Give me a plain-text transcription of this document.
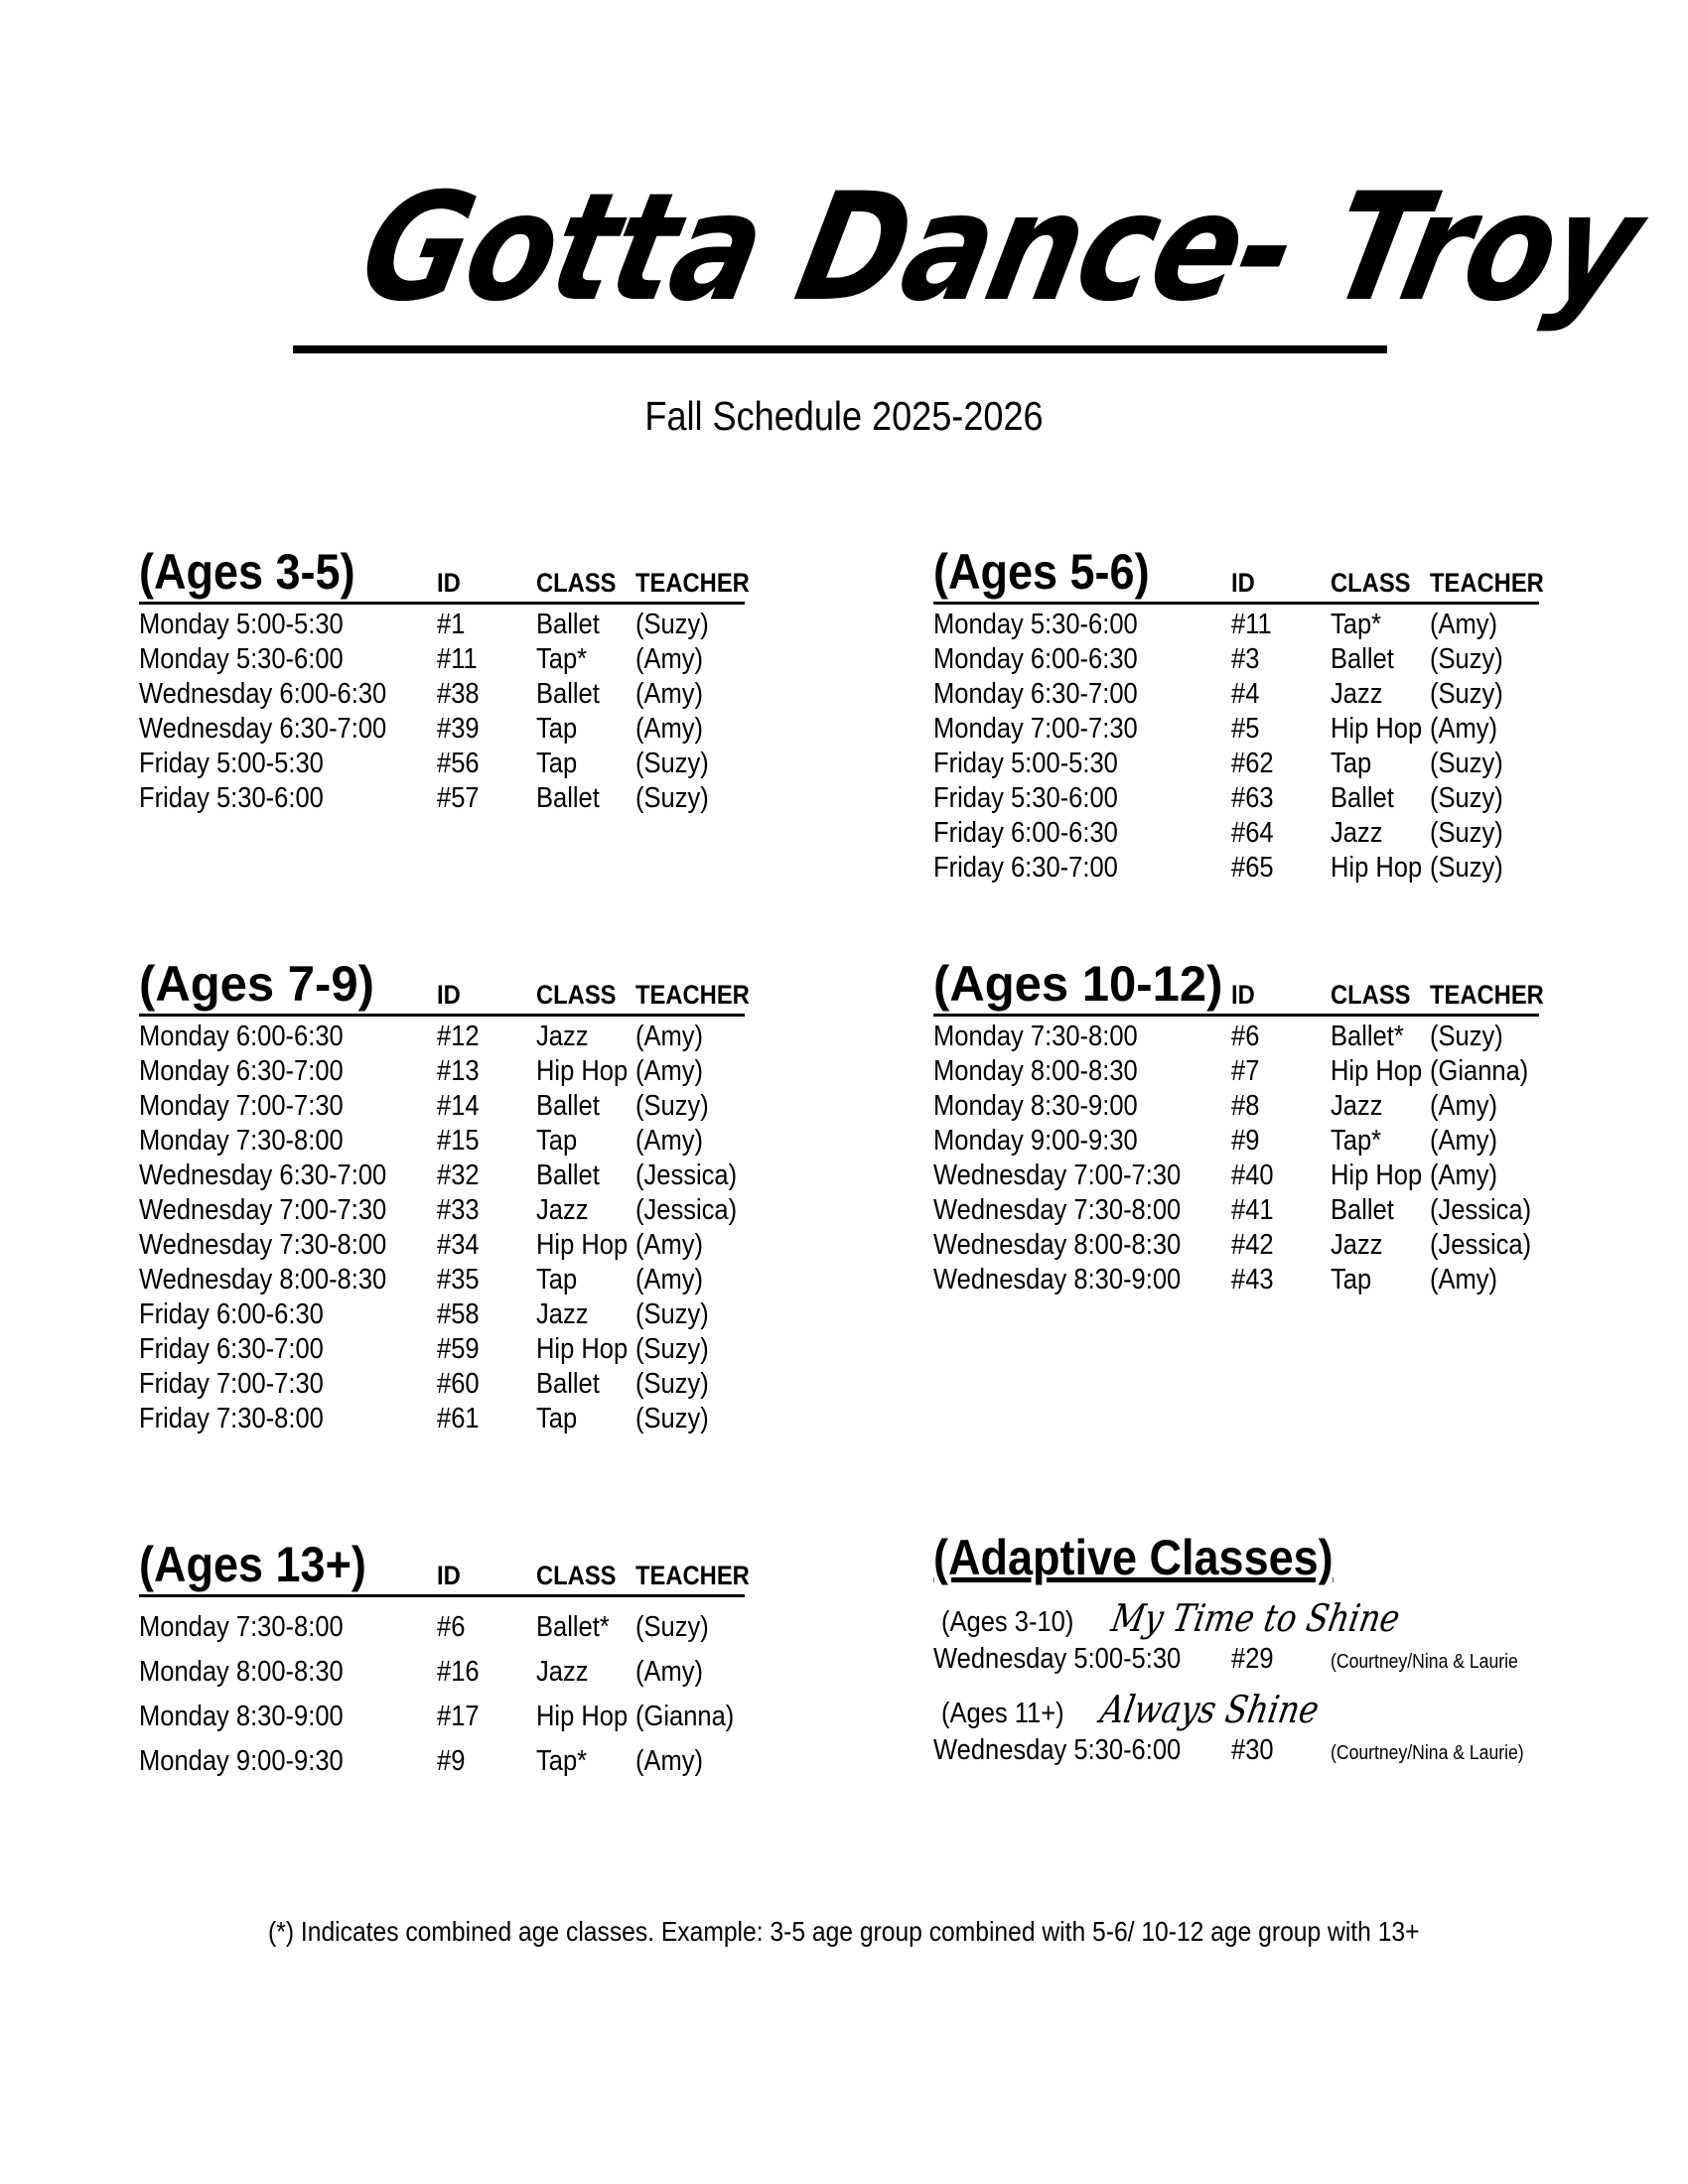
Gotta Dance- Troy
Fall Schedule 2025-2026
(Ages 3-5)	ID	CLASS TEACHER
Monday 5:00-5:30	#1 Ballet (Suzy)
Monday 5:30-6:00	#11 Tap* (Amy)
Wednesday 6:00-6:30 #38 Ballet (Amy)
Wednesday 6:30-7:00 #39 Tap (Amy)
Friday 5:00-5:30	#56 Tap (Suzy)
Friday 5:30-6:00	#57 Ballet (Suzy)
(Ages 5-6)	ID	CLASS TEACHER
Monday 5:30-6:00	#11 Tap* (Amy)
Monday 6:00-6:30	#3 Ballet (Suzy)
Monday 6:30-7:00	#4 Jazz (Suzy)
Monday 7:00-7:30	#5 Hip Hop (Amy)
Friday 5:00-5:30	#62 Tap (Suzy)
Friday 5:30-6:00	#63 Ballet (Suzy)
Friday 6:00-6:30	#64 Jazz (Suzy)
Friday 6:30-7:00	#65 Hip Hop (Suzy)
(Ages 7-9) ID	CLASS TEACHER
Monday 6:00-6:30	#12 Jazz (Amy)
Monday 6:30-7:00	#13 Hip Hop (Amy)
Monday 7:00-7:30	#14 Ballet (Suzy)
Monday 7:30-8:00	#15 Tap (Amy)
Wednesday 6:30-7:00 #32 Ballet (Jessica)
Wednesday 7:00-7:30 #33 Jazz (Jessica)
Wednesday 7:30-8:00 #34 Hip Hop (Amy)
Wednesday 8:00-8:30 #35 Tap (Amy)
Friday 6:00-6:30	#58 Jazz (Suzy)
Friday 6:30-7:00	#59 Hip Hop (Suzy)
Friday 7:00-7:30	#60 Ballet (Suzy)
Friday 7:30-8:00	#61 Tap (Suzy)
(Ages 10-12) ID	CLASS TEACHER
Monday 7:30-8:00	#6 Ballet* (Suzy)
Monday 8:00-8:30	#7 Hip Hop (Gianna)
Monday 8:30-9:00	#8 Jazz (Amy)
Monday 9:00-9:30	#9 Tap* (Amy)
Wednesday 7:00-7:30 #40 Hip Hop (Amy)
Wednesday 7:30-8:00 #41 Ballet (Jessica)
Wednesday 8:00-8:30 #42 Jazz (Jessica)
Wednesday 8:30-9:00 #43 Tap (Amy)
(Ages 13+)	ID	CLASS TEACHER
Monday 7:30-8:00	#6 Ballet* (Suzy)
Monday 8:00-8:30	#16 Jazz (Amy)
Monday 8:30-9:00	#17 Hip Hop (Gianna)
Monday 9:00-9:30	#9 Tap* (Amy)
(Adaptive Classes)
(Ages 3-10) My Time to Shine
Wednesday 5:00-5:30 #29	(Courtney/Nina & Laurie
(Ages 11+) Always Shine
Wednesday 5:30-6:00 #30	(Courtney/Nina & Laurie)
(*) Indicates combined age classes. Example: 3-5 age group combined with 5-6/ 10-12 age group with 13+
